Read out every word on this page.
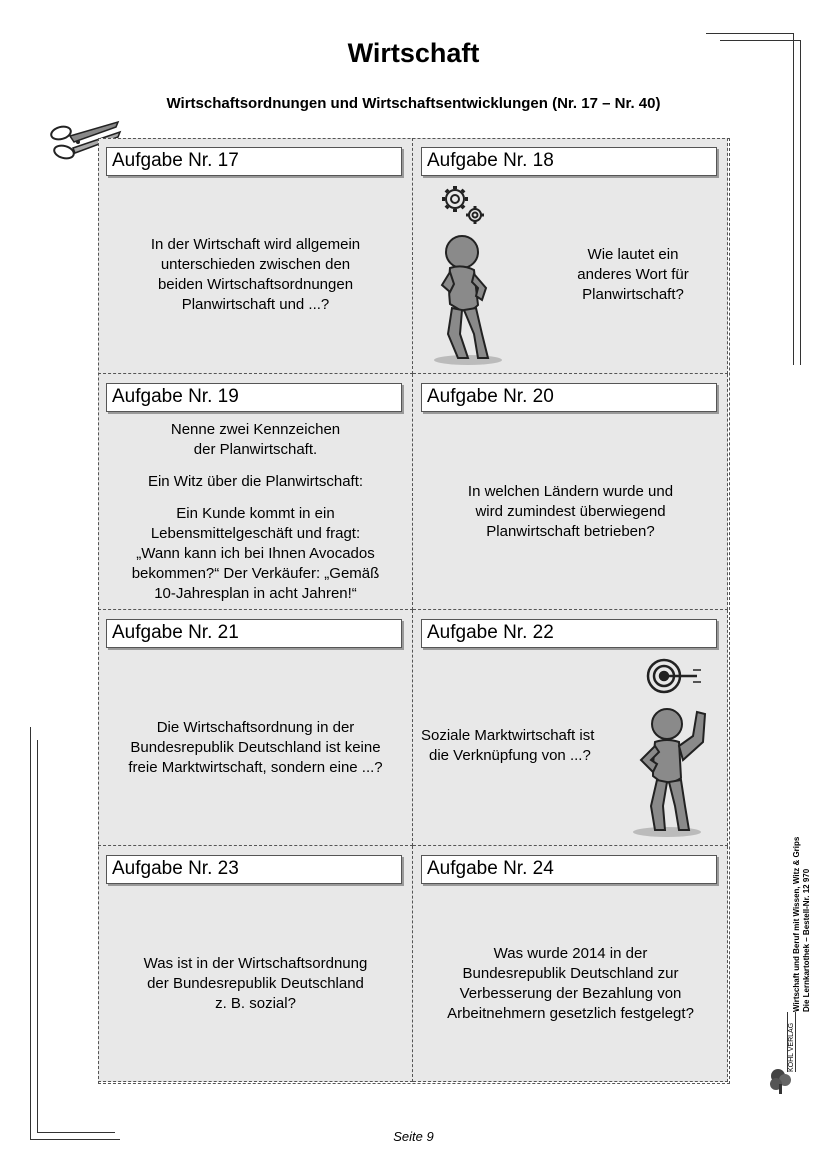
Wirtschaft
Wirtschaftsordnungen und Wirtschaftsentwicklungen (Nr. 17 – Nr. 40)
Aufgabe Nr. 17

In der Wirtschaft wird allgemein

unterschieden zwischen den

beiden Wirtschaftsordnungen

Planwirtschaft und ...?

Aufgabe Nr. 18

Wie lautet ein

anderes Wort für

Planwirtschaft?

Aufgabe Nr. 19

Nenne zwei Kennzeichen

der Planwirtschaft.

Ein Witz über die Planwirtschaft:

Ein Kunde kommt in ein

Lebensmittelgeschäft und fragt:

„Wann kann ich bei Ihnen Avocados

bekommen?“ Der Verkäufer: „Gemäß

10-Jahresplan in acht Jahren!“

Aufgabe Nr. 20

In welchen Ländern wurde und

wird zumindest überwiegend

Planwirtschaft betrieben?

Aufgabe Nr. 21

Die Wirtschaftsordnung in der

Bundesrepublik Deutschland ist keine

freie Marktwirtschaft, sondern eine ...?

Aufgabe Nr. 22

Soziale Marktwirtschaft ist

die Verknüpfung von ...?

Aufgabe Nr. 23

Was ist in der Wirtschaftsordnung

der Bundesrepublik Deutschland

z. B. sozial?

Aufgabe Nr. 24

Was wurde 2014 in der

Bundesrepublik Deutschland zur

Verbesserung der Bezahlung von

Arbeitnehmern gesetzlich festgelegt?

Wirtschaft und Beruf mit Wissen, Witz & Grips Die Lernkartothek – Bestell-Nr. 12 970
KOHL VERLAG
Seite 9
